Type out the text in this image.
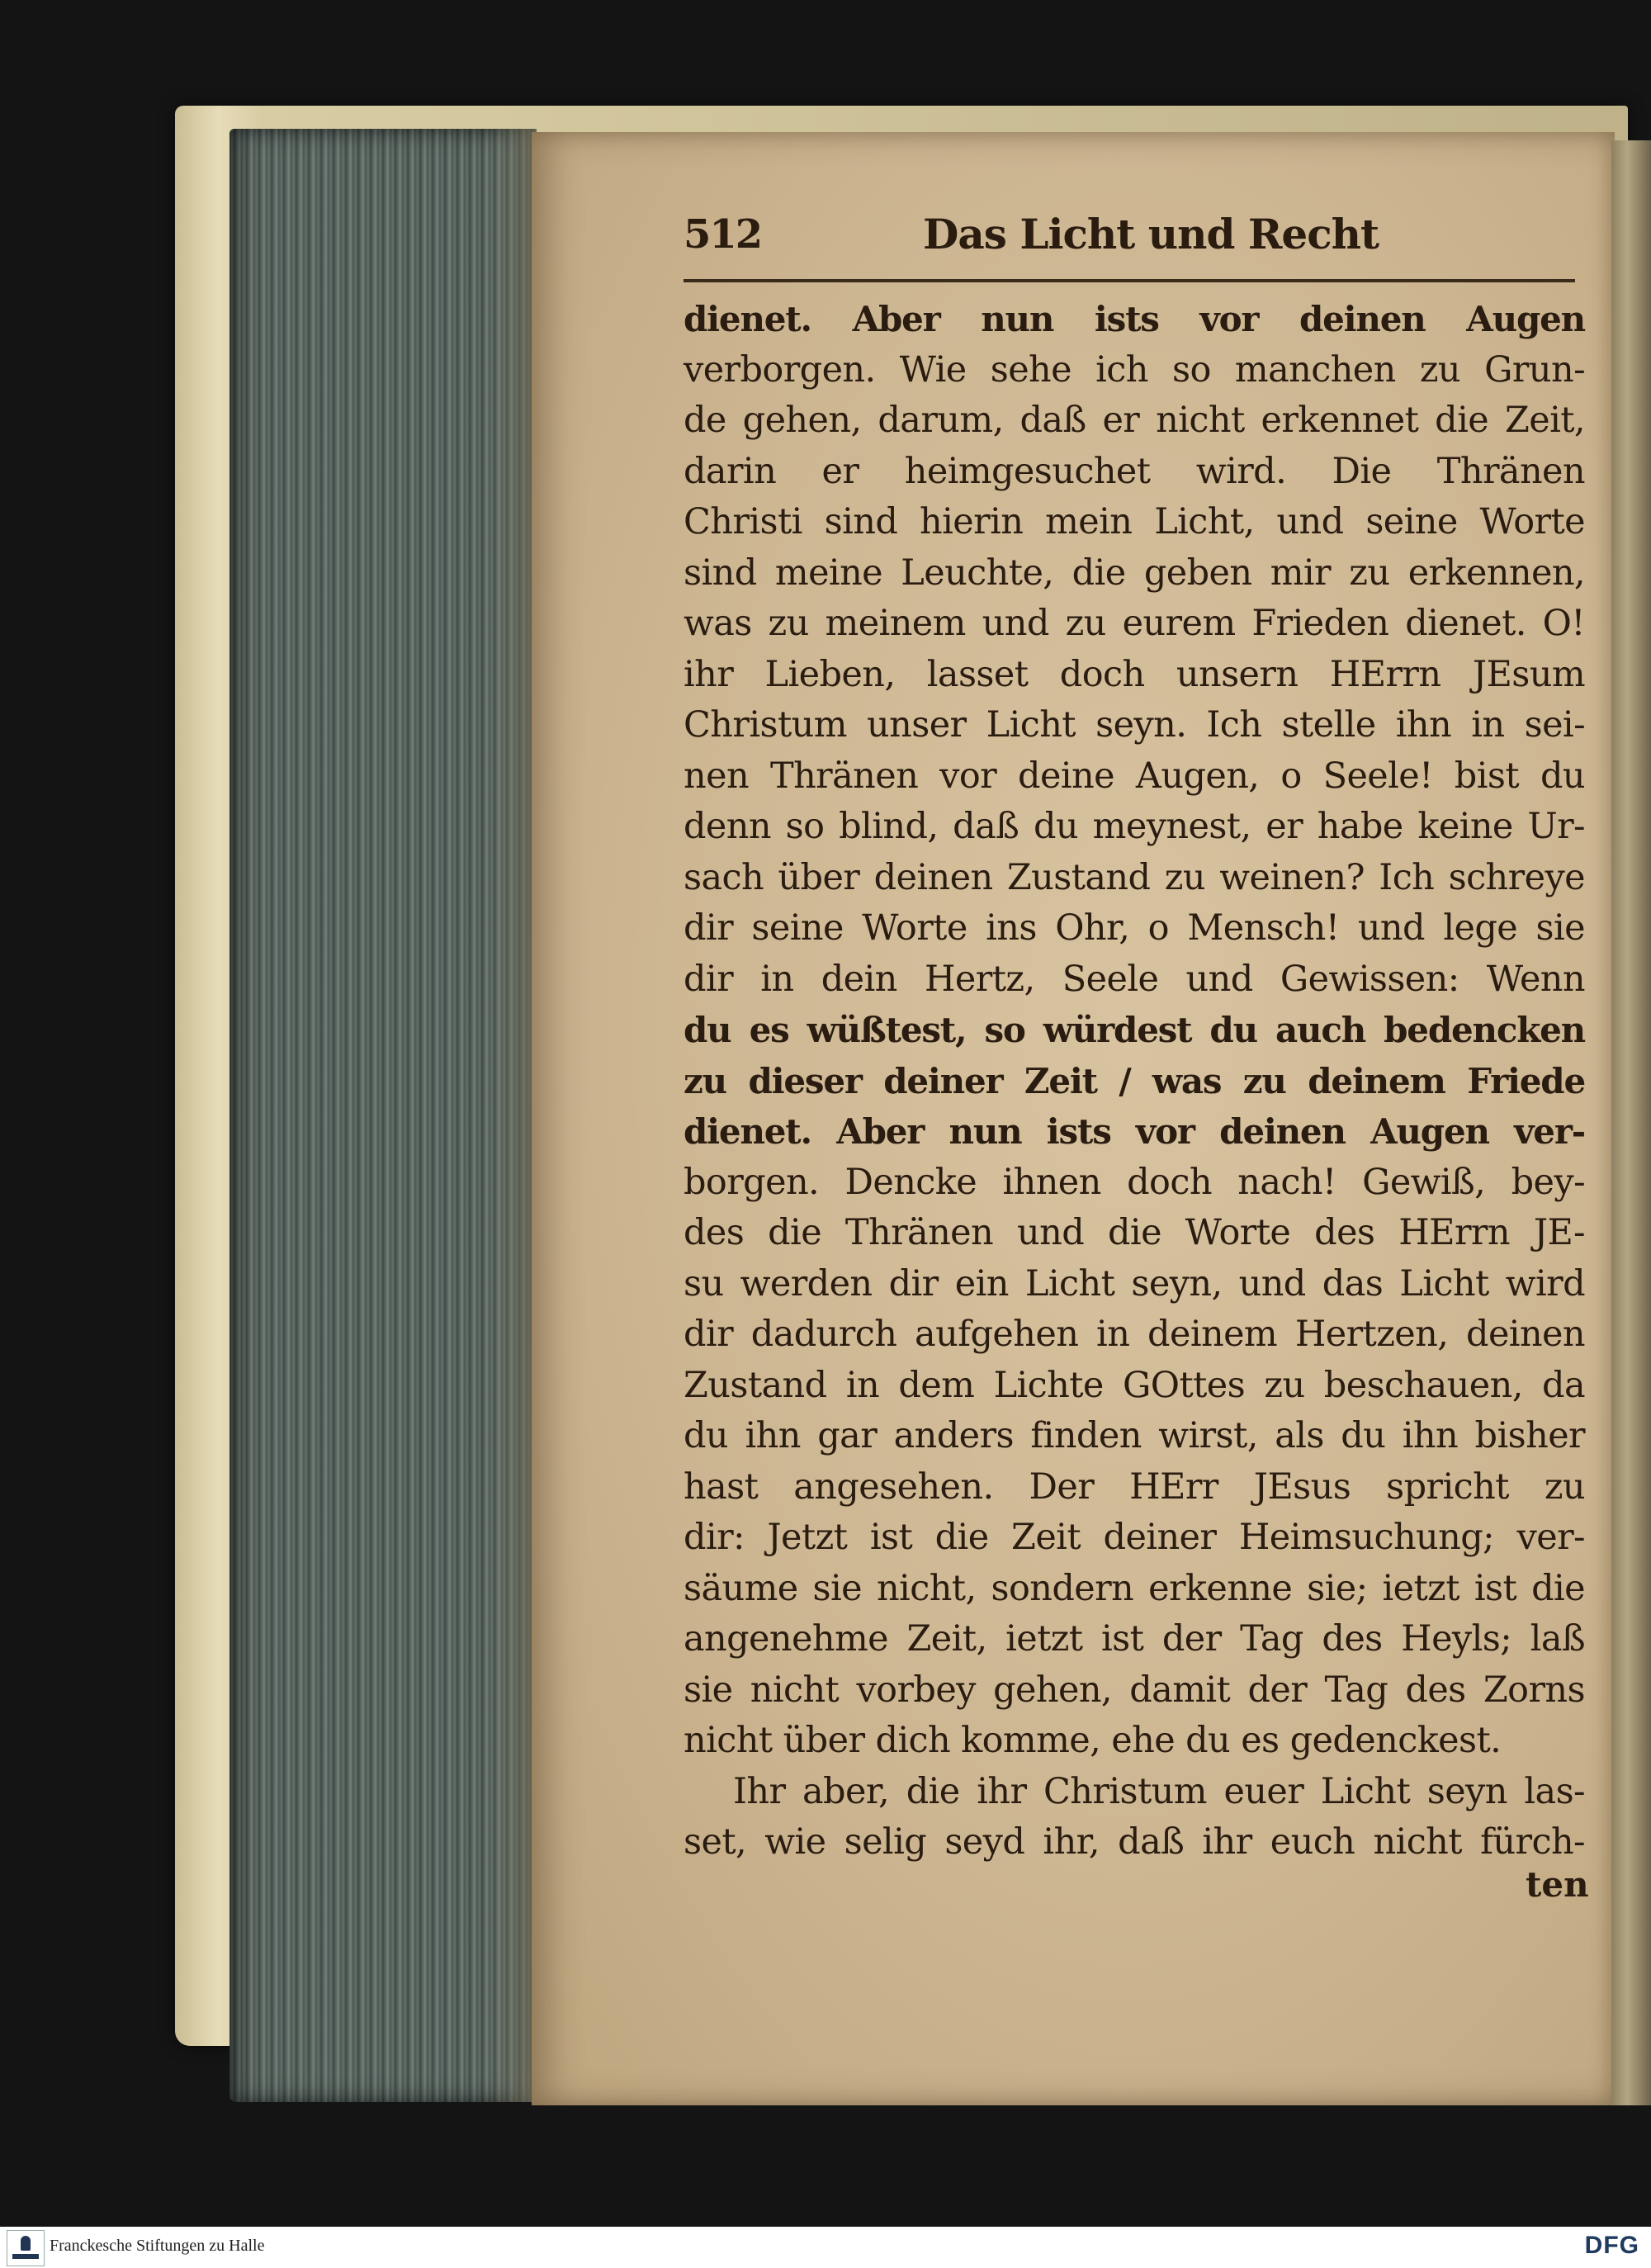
512	Das Licht und Recht
dienet. Aber nun ists vor deinen Augen
verborgen. Wie sehe ich so manchen zu Grun-
de gehen, darum, daß er nicht erkennet die Zeit,
darin er heimgesuchet wird. Die Thränen
Christi sind hierin mein Licht, und seine Worte
sind meine Leuchte, die geben mir zu erkennen,
was zu meinem und zu eurem Frieden dienet. O!
ihr Lieben, lasset doch unsern HErrn JEsum
Christum unser Licht seyn. Ich stelle ihn in sei-
nen Thränen vor deine Augen, o Seele! bist du
denn so blind, daß du meynest, er habe keine Ur-
sach über deinen Zustand zu weinen? Ich schreye
dir seine Worte ins Ohr, o Mensch! und lege sie
dir in dein Hertz, Seele und Gewissen: Wenn
du es wüßtest, so würdest du auch bedencken
zu dieser deiner Zeit / was zu deinem Friede
dienet. Aber nun ists vor deinen Augen ver-
borgen. Dencke ihnen doch nach! Gewiß, bey-
des die Thränen und die Worte des HErrn JE-
su werden dir ein Licht seyn, und das Licht wird
dir dadurch aufgehen in deinem Hertzen, deinen
Zustand in dem Lichte GOttes zu beschauen, da
du ihn gar anders finden wirst, als du ihn bisher
hast angesehen. Der HErr JEsus spricht zu
dir: Jetzt ist die Zeit deiner Heimsuchung; ver-
säume sie nicht, sondern erkenne sie; ietzt ist die
angenehme Zeit, ietzt ist der Tag des Heyls; laß
sie nicht vorbey gehen, damit der Tag des Zorns
nicht über dich komme, ehe du es gedenckest.
Ihr aber, die ihr Christum euer Licht seyn las-
set, wie selig seyd ihr, daß ihr euch nicht fürch-
ten
Franckesche Stiftungen zu Halle	DFG
